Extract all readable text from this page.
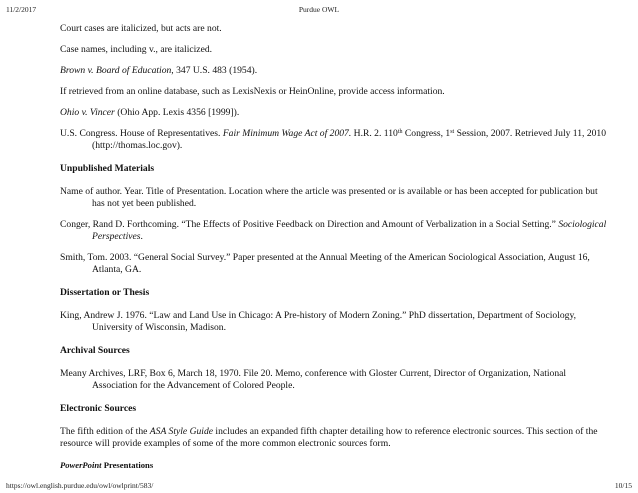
11/2/2017	Purdue OWL
Court cases are italicized, but acts are not.
Case names, including v., are italicized.
Brown v. Board of Education, 347 U.S. 483 (1954).
If retrieved from an online database, such as LexisNexis or HeinOnline, provide access information.
Ohio v. Vincer (Ohio App. Lexis 4356 [1999]).
U.S. Congress. House of Representatives. Fair Minimum Wage Act of 2007. H.R. 2. 110th Congress, 1st Session, 2007. Retrieved July 11, 2010 (http://thomas.loc.gov).
Unpublished Materials
Name of author. Year. Title of Presentation. Location where the article was presented or is available or has been accepted for publication but has not yet been published.
Conger, Rand D. Forthcoming. “The Effects of Positive Feedback on Direction and Amount of Verbalization in a Social Setting.” Sociological Perspectives.
Smith, Tom. 2003. “General Social Survey.” Paper presented at the Annual Meeting of the American Sociological Association, August 16, Atlanta, GA.
Dissertation or Thesis
King, Andrew J. 1976. “Law and Land Use in Chicago: A Pre-history of Modern Zoning.” PhD dissertation, Department of Sociology, University of Wisconsin, Madison.
Archival Sources
Meany Archives, LRF, Box 6, March 18, 1970. File 20. Memo, conference with Gloster Current, Director of Organization, National Association for the Advancement of Colored People.
Electronic Sources
The fifth edition of the ASA Style Guide includes an expanded fifth chapter detailing how to reference electronic sources. This section of the resource will provide examples of some of the more common electronic sources form.
PowerPoint Presentations
https://owl.english.purdue.edu/owl/owlprint/583/	10/15
